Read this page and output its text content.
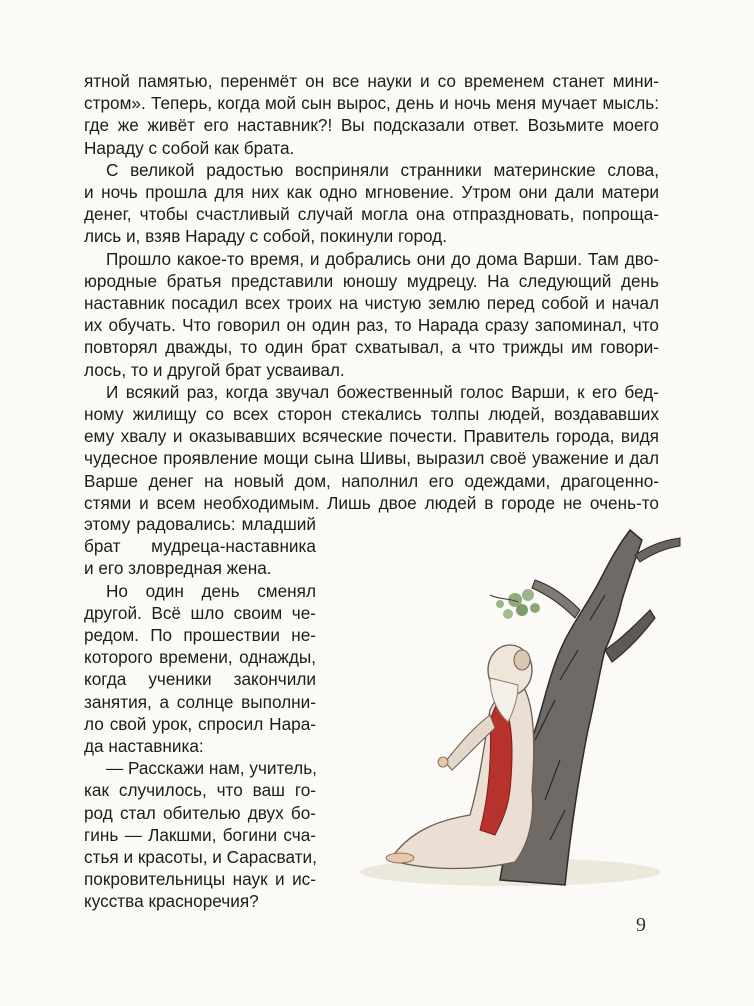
ятной памятью, перенмёт он все науки и со временем станет мини-
стром». Теперь, когда мой сын вырос, день и ночь меня мучает мысль:
где же живёт его наставник?! Вы подсказали ответ. Возьмите моего
Нараду с собой как брата.

С великой радостью восприняли странники материнские слова,
и ночь прошла для них как одно мгновение. Утром они дали матери
денег, чтобы счастливый случай могла она отпраздновать, попроща-
лись и, взяв Нараду с собой, покинули город.

Прошло какое-то время, и добрались они до дома Варши. Там дво-
юродные братья представили юношу мудрецу. На следующий день
наставник посадил всех троих на чистую землю перед собой и начал
их обучать. Что говорил он один раз, то Нарада сразу запоминал, что
повторял дважды, то один брат схватывал, а что трижды им говори-
лось, то и другой брат усваивал.

И всякий раз, когда звучал божественный голос Варши, к его бед-
ному жилищу со всех сторон стекались толпы людей, воздававших
ему хвалу и оказывавших всяческие почести. Правитель города, видя
чудесное проявление мощи сына Шивы, выразил своё уважение и дал
Варше денег на новый дом, наполнил его одеждами, драгоценно-
стями и всем необходимым. Лишь двое людей в городе не очень-то

этому радовались: младший
брат мудреца-наставника
и его зловредная жена.

Но один день сменял
другой. Всё шло своим че-
редом. По прошествии не-
которого времени, однажды,
когда ученики закончили
занятия, а солнце выполни-
ло свой урок, спросил Нара-
да наставника:

— Расскажи нам, учитель,
как случилось, что ваш го-
род стал обителью двух бо-
гинь — Лакшми, богини сча-
стья и красоты, и Сарасвати,
покровительницы наук и ис-
кусства красноречия?

9
